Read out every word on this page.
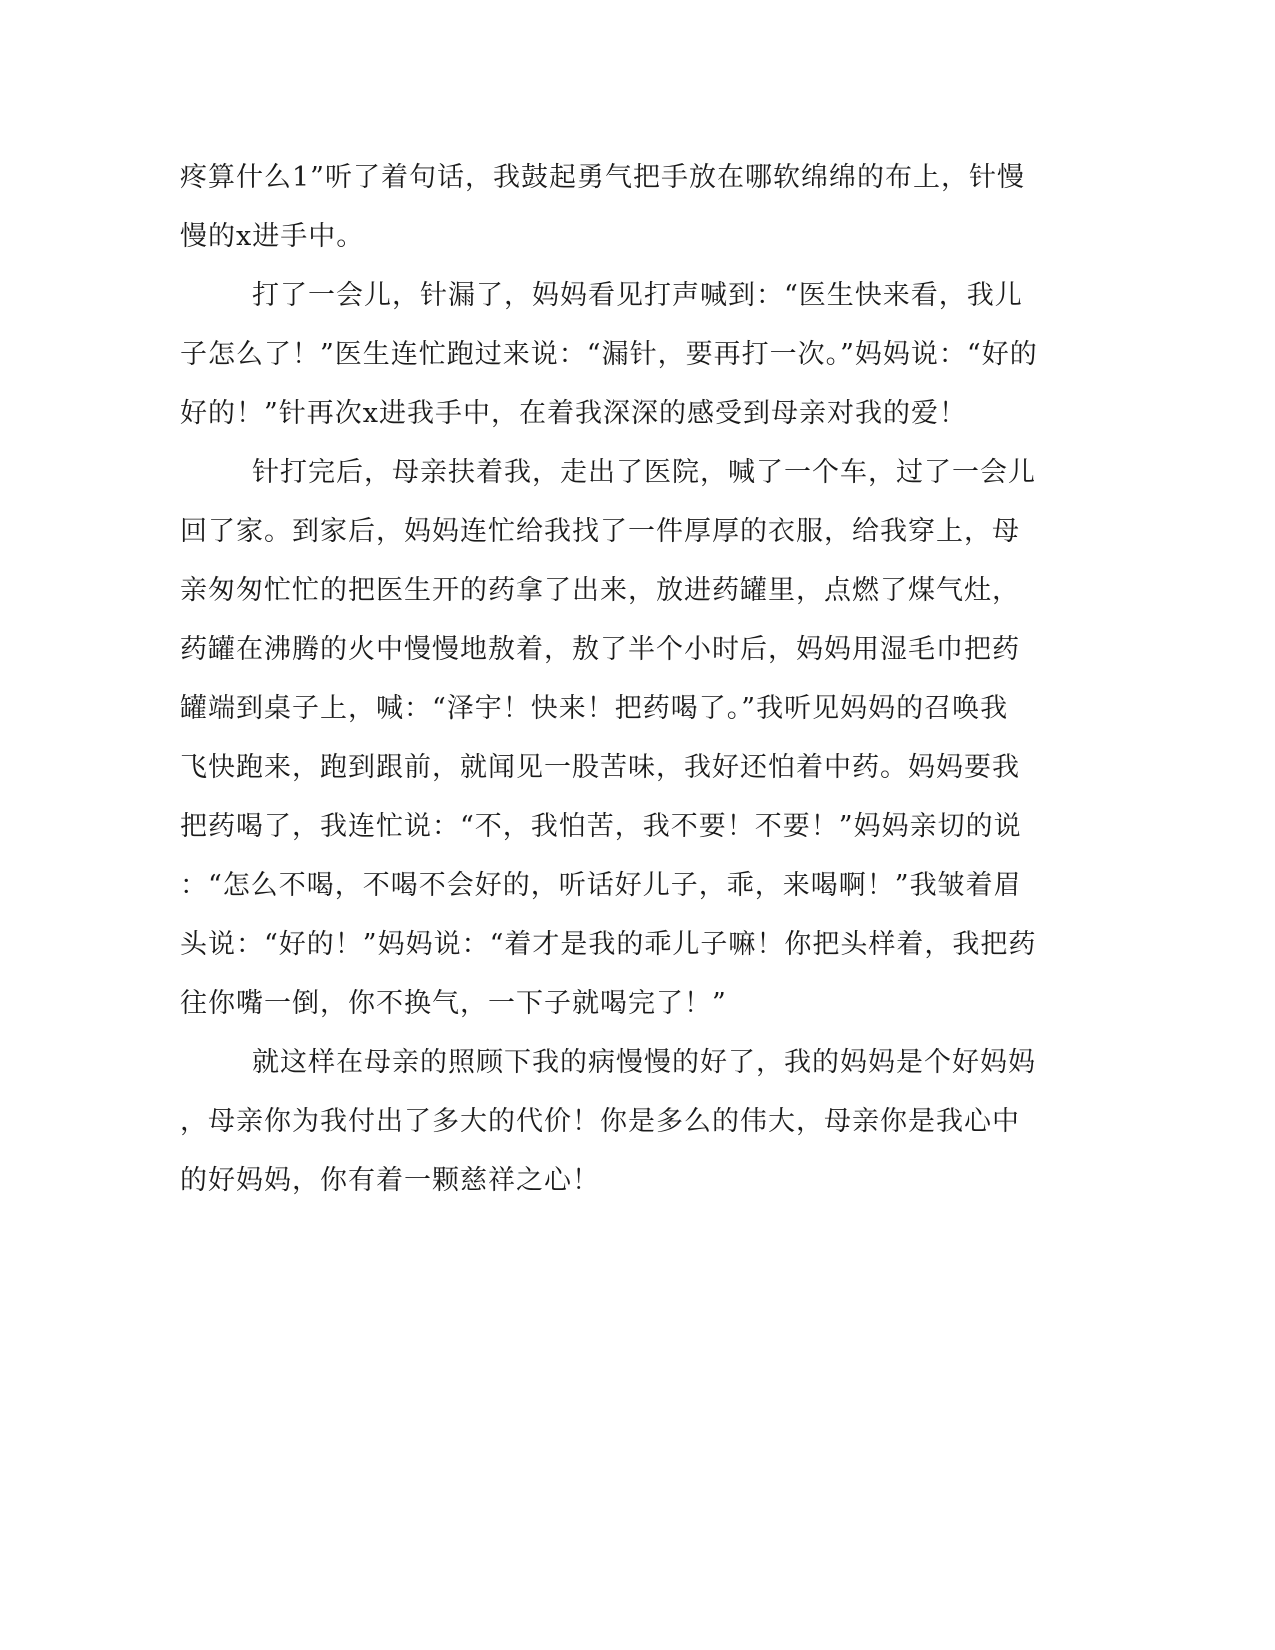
疼算什么1”听了着句话，我鼓起勇气把手放在哪软绵绵的布上，针慢
慢的x进手中。
打了一会儿，针漏了，妈妈看见打声喊到：“医生快来看，我儿
子怎么了！”医生连忙跑过来说：“漏针，要再打一次。”妈妈说：“好的
好的！”针再次x进我手中，在着我深深的感受到母亲对我的爱！
针打完后，母亲扶着我，走出了医院，喊了一个车，过了一会儿
回了家。到家后，妈妈连忙给我找了一件厚厚的衣服，给我穿上，母
亲匆匆忙忙的把医生开的药拿了出来，放进药罐里，点燃了煤气灶，
药罐在沸腾的火中慢慢地敖着，敖了半个小时后，妈妈用湿毛巾把药
罐端到桌子上，喊：“泽宇！快来！把药喝了。”我听见妈妈的召唤我
飞快跑来，跑到跟前，就闻见一股苦味，我好还怕着中药。妈妈要我
把药喝了，我连忙说：“不，我怕苦，我不要！不要！”妈妈亲切的说
：“怎么不喝，不喝不会好的，听话好儿子，乖，来喝啊！”我皱着眉
头说：“好的！”妈妈说：“着才是我的乖儿子嘛！你把头样着，我把药
往你嘴一倒，你不换气，一下子就喝完了！”
就这样在母亲的照顾下我的病慢慢的好了，我的妈妈是个好妈妈
，母亲你为我付出了多大的代价！你是多么的伟大，母亲你是我心中
的好妈妈，你有着一颗慈祥之心！
